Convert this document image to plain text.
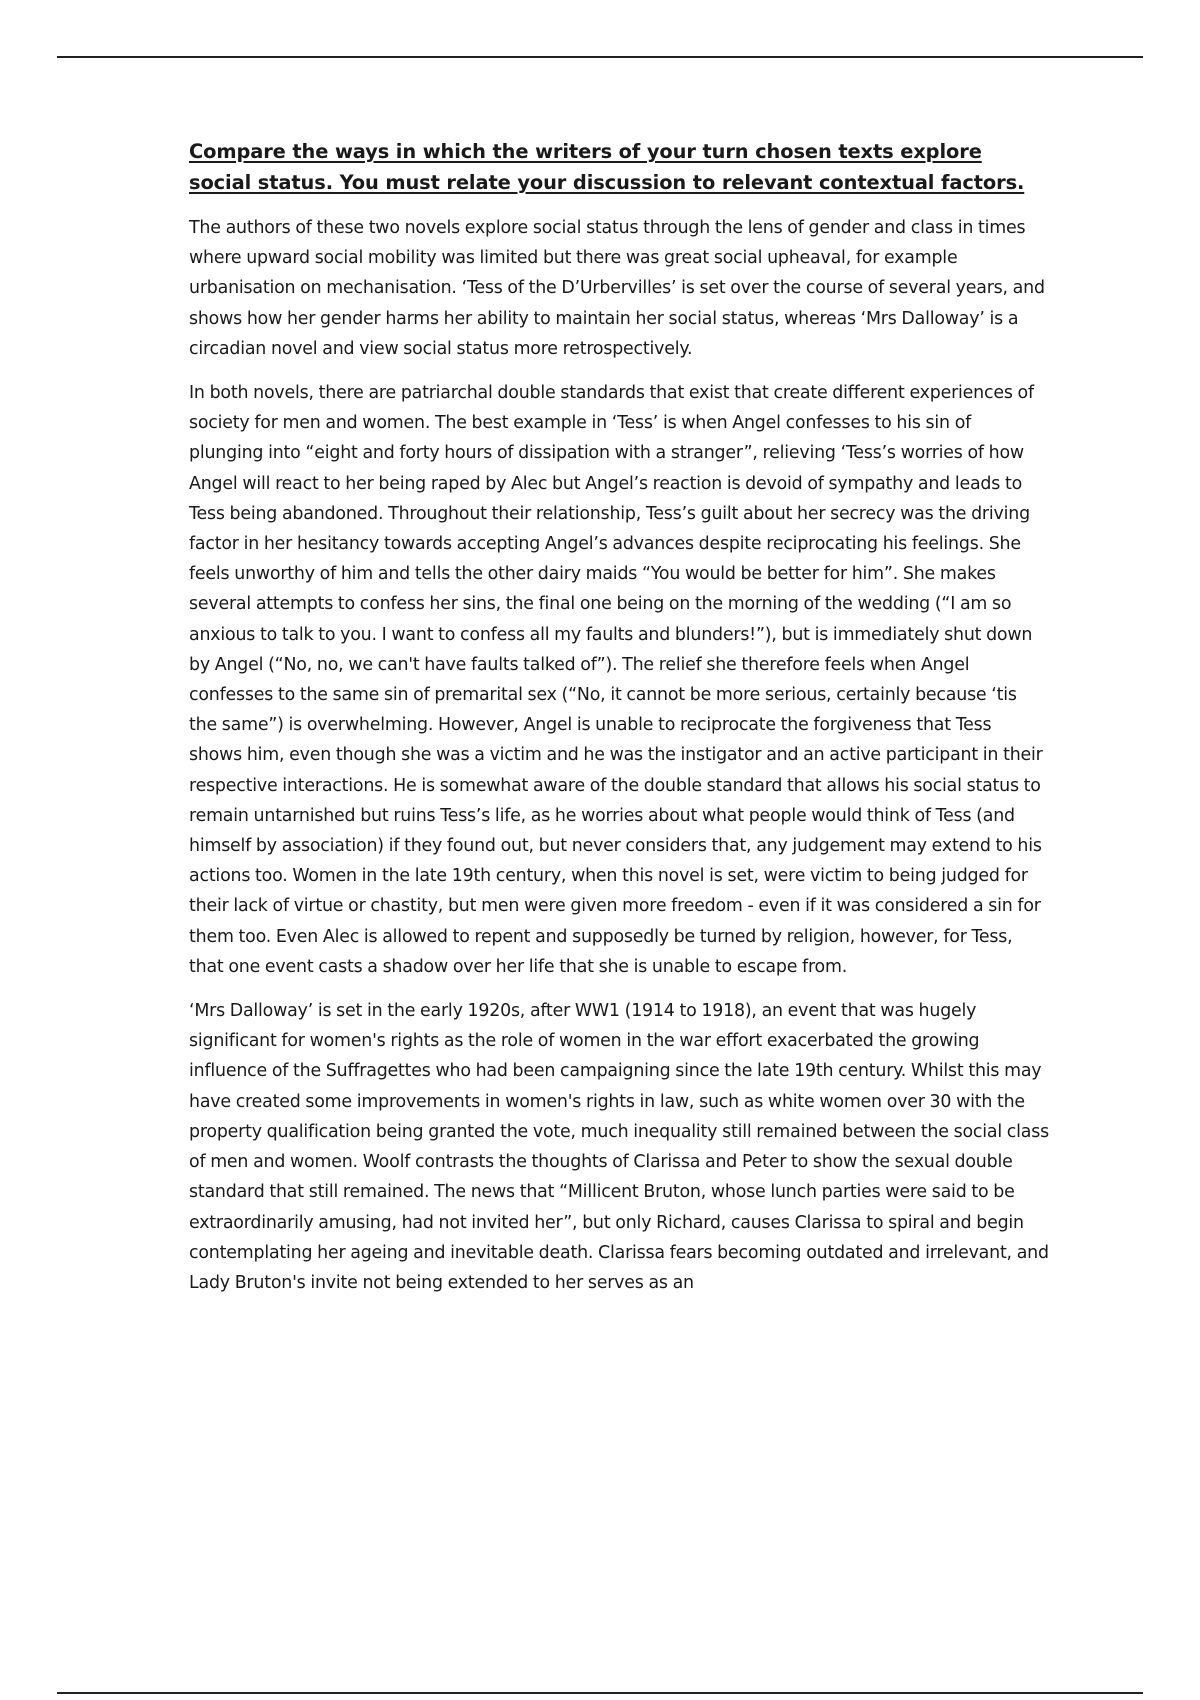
Compare the ways in which the writers of your turn chosen texts explore social status. You must relate your discussion to relevant contextual factors.

The authors of these two novels explore social status through the lens of gender and class in times where upward social mobility was limited but there was great social upheaval, for example urbanisation on mechanisation. ‘Tess of the D’Urbervilles’ is set over the course of several years, and shows how her gender harms her ability to maintain her social status, whereas ‘Mrs Dalloway’ is a circadian novel and view social status more retrospectively.

In both novels, there are patriarchal double standards that exist that create different experiences of society for men and women. The best example in ‘Tess’ is when Angel confesses to his sin of plunging into “eight and forty hours of dissipation with a stranger”, relieving ‘Tess’s worries of how Angel will react to her being raped by Alec but Angel’s reaction is devoid of sympathy and leads to Tess being abandoned. Throughout their relationship, Tess’s guilt about her secrecy was the driving factor in her hesitancy towards accepting Angel’s advances despite reciprocating his feelings. She feels unworthy of him and tells the other dairy maids “You would be better for him”. She makes several attempts to confess her sins, the final one being on the morning of the wedding (“I am so anxious to talk to you. I want to confess all my faults and blunders!”), but is immediately shut down by Angel (“No, no, we can't have faults talked of”). The relief she therefore feels when Angel confesses to the same sin of premarital sex (“No, it cannot be more serious, certainly because ‘tis the same”) is overwhelming. However, Angel is unable to reciprocate the forgiveness that Tess shows him, even though she was a victim and he was the instigator and an active participant in their respective interactions. He is somewhat aware of the double standard that allows his social status to remain untarnished but ruins Tess’s life, as he worries about what people would think of Tess (and himself by association) if they found out, but never considers that, any judgement may extend to his actions too. Women in the late 19th century, when this novel is set, were victim to being judged for their lack of virtue or chastity, but men were given more freedom - even if it was considered a sin for them too. Even Alec is allowed to repent and supposedly be turned by religion, however, for Tess, that one event casts a shadow over her life that she is unable to escape from.

‘Mrs Dalloway’ is set in the early 1920s, after WW1 (1914 to 1918), an event that was hugely significant for women's rights as the role of women in the war effort exacerbated the growing influence of the Suffragettes who had been campaigning since the late 19th century. Whilst this may have created some improvements in women's rights in law, such as white women over 30 with the property qualification being granted the vote, much inequality still remained between the social class of men and women. Woolf contrasts the thoughts of Clarissa and Peter to show the sexual double standard that still remained. The news that “Millicent Bruton, whose lunch parties were said to be extraordinarily amusing, had not invited her”, but only Richard, causes Clarissa to spiral and begin contemplating her ageing and inevitable death. Clarissa fears becoming outdated and irrelevant, and Lady Bruton's invite not being extended to her serves as an
